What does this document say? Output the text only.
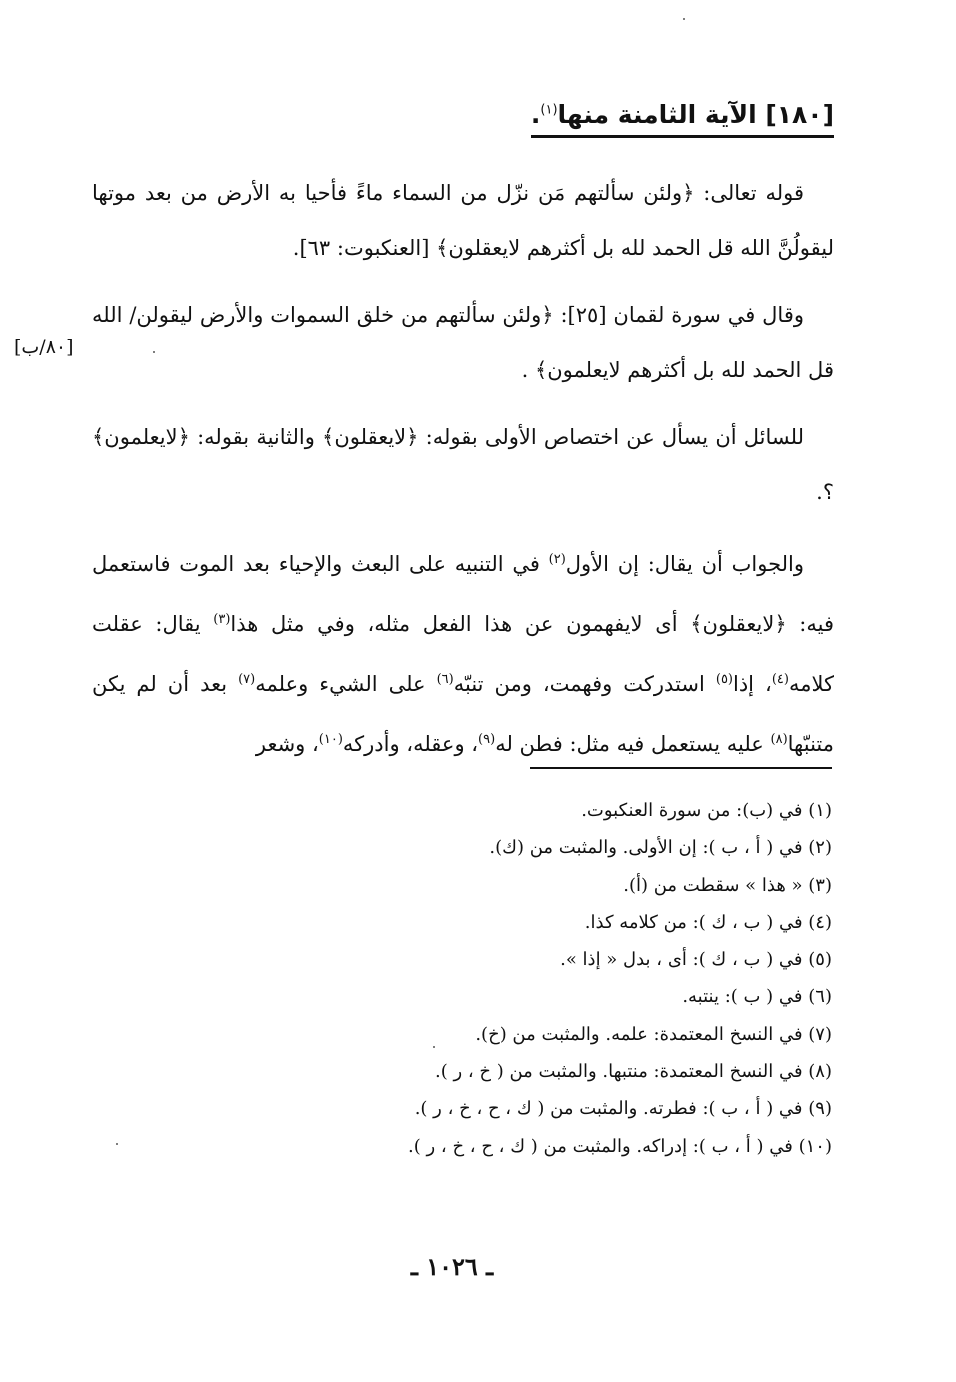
[١٨٠] الآية الثامنة منها$^{(١)}$.

قوله تعالى: ﴿ولئن سألتهم مَن نزّل من السماء ماءً فأحيا به الأرض من بعد موتها ليقولُنَّ الله قل الحمد لله بل أكثرهم لايعقلون﴾ [العنكبوت: ٦٣].

وقال في سورة لقمان [٢٥]: ﴿ولئن سألتهم من خلق السموات والأرض ليقولن/ الله قل الحمد لله بل أكثرهم لايعلمون﴾ .

للسائل أن يسأل عن اختصاص الأولى بقوله: ﴿لايعقلون﴾ والثانية بقوله: ﴿لايعلمون﴾ ؟.

والجواب أن يقال: إن الأول$^{(٢)}$ في التنبيه على البعث والإحياء بعد الموت فاستعمل فيه: ﴿لايعقلون﴾ أى لايفهمون عن هذا الفعل مثله، وفي مثل هذا$^{(٣)}$ يقال: عقلت كلامه$^{(٤)}$، إذا$^{(٥)}$ استدركت وفهمت، ومن تنبّه$^{(٦)}$ على الشيء وعلمه$^{(٧)}$ بعد أن لم يكن متنبّها$^{(٨)}$ عليه يستعمل فيه مثل: فطن له$^{(٩)}$، وعقله، وأدركه$^{(١٠)}$، وشعر

[٨٠/ب]
(١) في (ب): من سورة العنكبوت.
(٢) في ( أ ، ب ): إن الأولى. والمثبت من (ك).
(٣) « هذا » سقطت من (أ).
(٤) في ( ب ، ك ): من كلامه كذا.
(٥) في ( ب ، ك ): أى ، بدل « إذا ».
(٦) في ( ب ): ينتبه.
(٧) في النسخ المعتمدة: علمه. والمثبت من (خ).
(٨) في النسخ المعتمدة: منتبها. والمثبت من ( خ ، ر ).
(٩) في ( أ ، ب ): فطرته. والمثبت من ( ك ، ح ، خ ، ر ).
(١٠) في ( أ ، ب ): إدراكه. والمثبت من ( ك ، ح ، خ ، ر ).
ـ ١٠٢٦ ـ
